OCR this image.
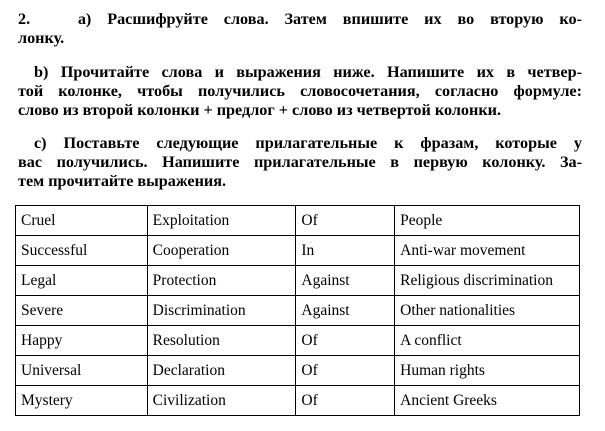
2.	a) Расшифруйте слова. Затем впишите их во вторую ко-
лонку.
b) Прочитайте слова и выражения ниже. Напишите их в четвер-
той колонке, чтобы получились словосочетания, согласно формуле:
слово из второй колонки + предлог + слово из четвертой колонки.
с) Поставьте следующие прилагательные к фразам, которые у
вас получились. Напишите прилагательные в первую колонку. За-
тем прочитайте выражения.
Cruel	Exploitation	Of	People
Successful	Cooperation	In	Anti-war movement
Legal	Protection	Against	Religious discrimination
Severe	Discrimination	Against	Other nationalities
Happy	Resolution	Of	A conflict
Universal	Declaration	Of	Human rights
Mystery	Civilization	Of	Ancient Greeks
